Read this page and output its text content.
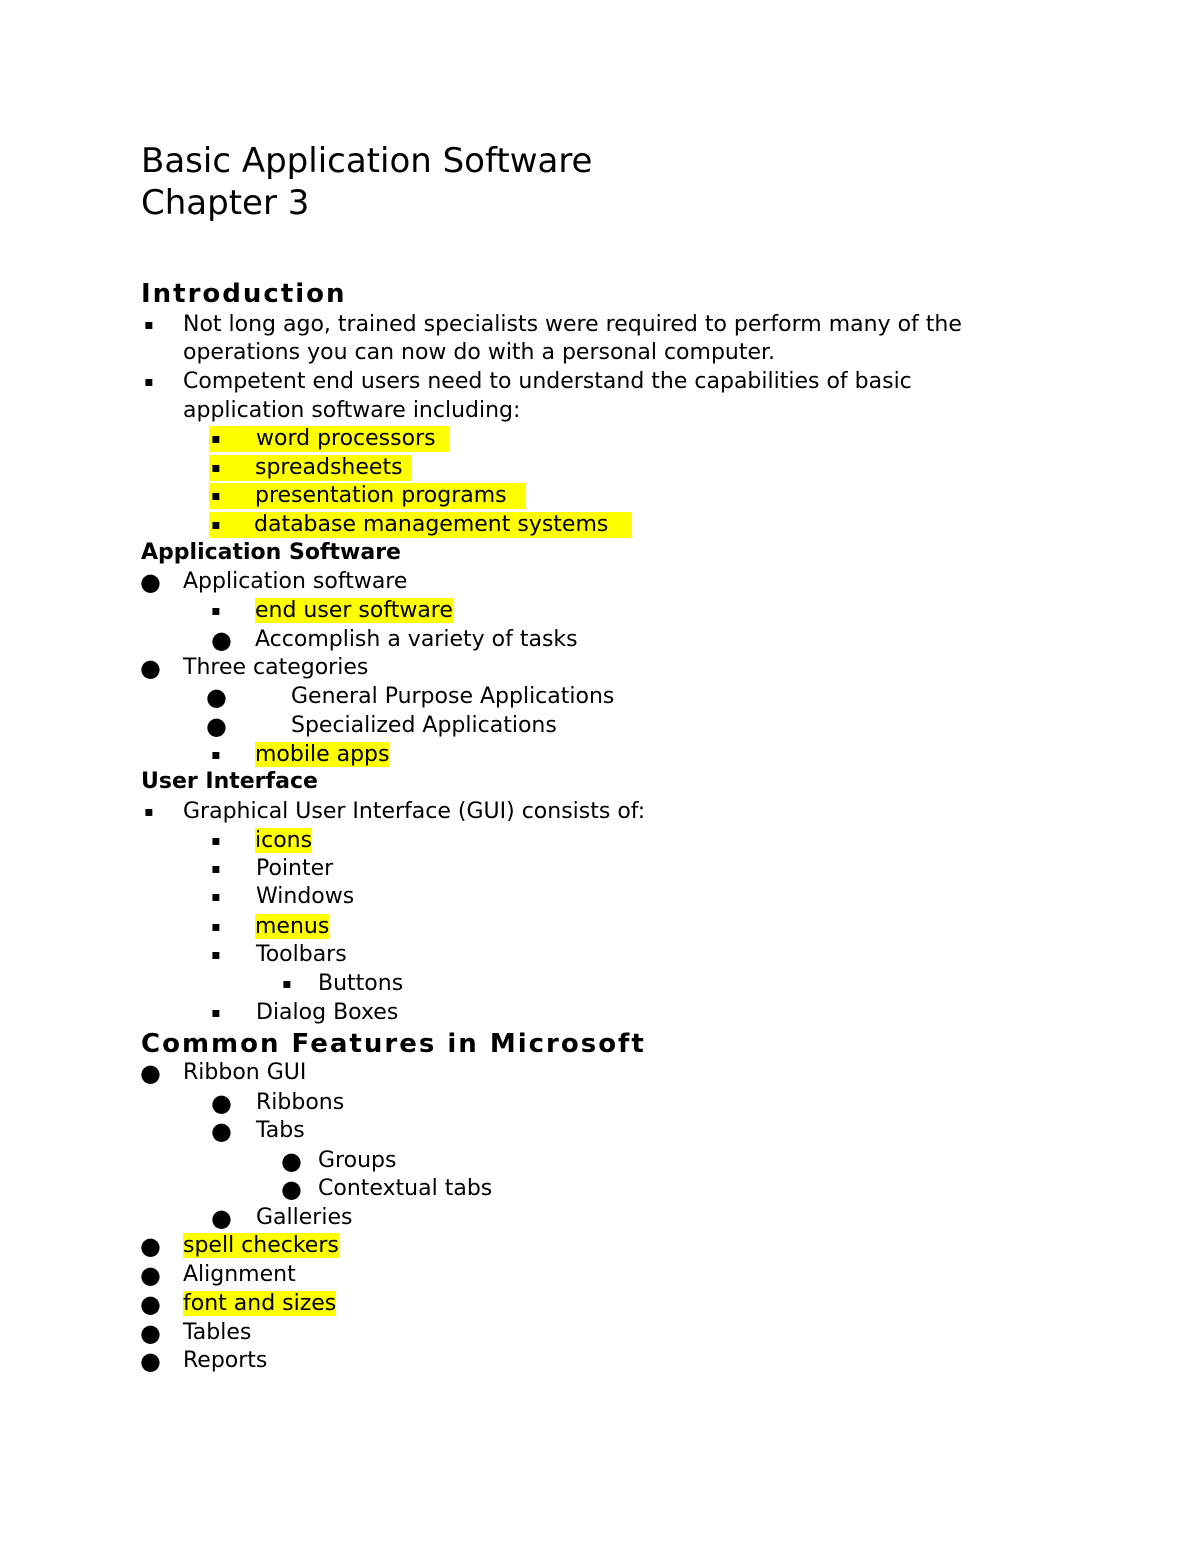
Basic Application Software
Chapter 3
Introduction
▪ Not long ago, trained specialists were required to perform many of the
operations you can now do with a personal computer.
▪ Competent end users need to understand the capabilities of basic
application software including:
▪ word processors
▪ spreadsheets
▪ presentation programs
▪ database management systems
Application Software
● Application software
▪ end user software
● Accomplish a variety of tasks
● Three categories
●	General Purpose Applications
●	Specialized Applications
▪ mobile apps
User Interface
▪ Graphical User Interface (GUI) consists of:
▪ icons
▪ Pointer
▪ Windows
▪ menus
▪ Toolbars
▪ Buttons
▪ Dialog Boxes
Common Features in Microsoft
● Ribbon GUI
● Ribbons
● Tabs
● Groups
● Contextual tabs
● Galleries
● spell checkers
● Alignment
● font and sizes
● Tables
● Reports
